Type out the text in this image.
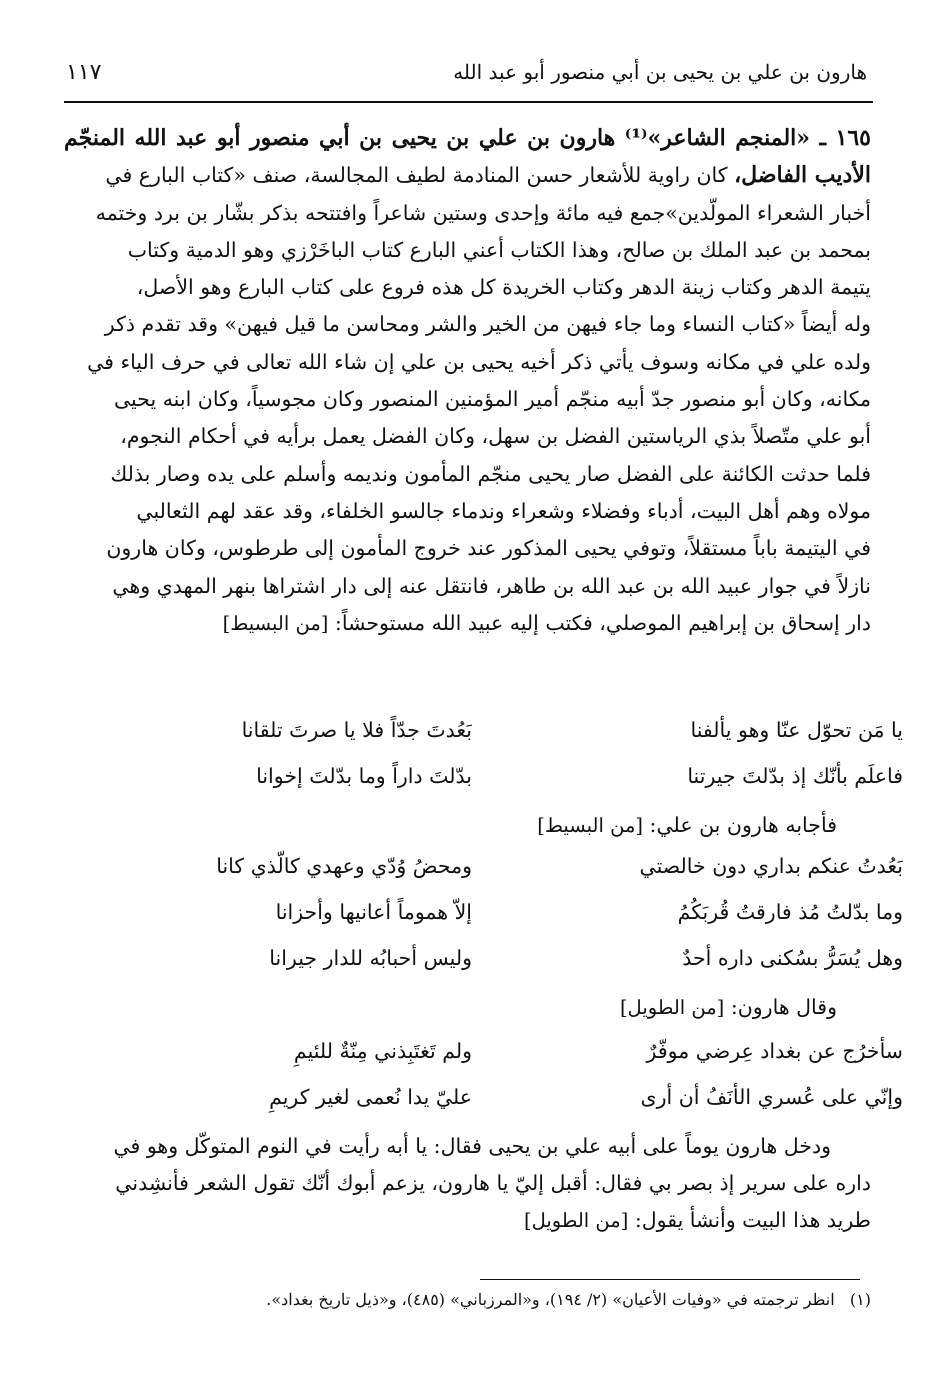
هارون بن علي بن يحيى بن أبي منصور أبو عبد الله
١١٧

١٦٥ ـ «المنجم الشاعر»⁽¹⁾ هارون بن علي بن يحيى بن أبي منصور أبو عبد الله المنجّم الأديب الفاضل، كان راوية للأشعار حسن المنادمة لطيف المجالسة، صنف «كتاب البارع في

أخبار الشعراء المولّدين»جمع فيه مائة وإحدى وستين شاعراً وافتتحه بذكر بشّار بن برد وختمه

بمحمد بن عبد الملك بن صالح، وهذا الكتاب أعني البارع كتاب الباخَرْزي وهو الدمية وكتاب

يتيمة الدهر وكتاب زينة الدهر وكتاب الخريدة كل هذه فروع على كتاب البارع وهو الأصل،

وله أيضاً «كتاب النساء وما جاء فيهن من الخير والشر ومحاسن ما قيل فيهن» وقد تقدم ذكر

ولده علي في مكانه وسوف يأتي ذكر أخيه يحيى بن علي إن شاء الله تعالى في حرف الياء في

مكانه، وكان أبو منصور جدّ أبيه منجّم أمير المؤمنين المنصور وكان مجوسياً، وكان ابنه يحيى

أبو علي متّصلاً بذي الرياستين الفضل بن سهل، وكان الفضل يعمل برأيه في أحكام النجوم،

فلما حدثت الكائنة على الفضل صار يحيى منجّم المأمون ونديمه وأسلم على يده وصار بذلك

مولاه وهم أهل البيت، أدباء وفضلاء وشعراء وندماء جالسو الخلفاء، وقد عقد لهم الثعالبي

في اليتيمة باباً مستقلاً، وتوفي يحيى المذكور عند خروج المأمون إلى طرطوس، وكان هارون

نازلاً في جوار عبيد الله بن عبد الله بن طاهر، فانتقل عنه إلى دار اشتراها بنهر المهدي وهي

دار إسحاق بن إبراهيم الموصلي، فكتب إليه عبيد الله مستوحشاً: [من البسيط]

يا مَن تحوّل عنّا وهو يألفنا
بَعُدتَ جدّاً فلا يا صرتَ تلقانا
فاعلَم بأنّك إذ بدّلتَ جيرتنا
بدّلتَ داراً وما بدّلتَ إخوانا
فأجابه هارون بن علي: [من البسيط]
بَعُدتُ عنكم بداري دون خالصتي
ومحضُ وُدّي وعهدي كالّذي كانا
وما بدّلتُ مُذ فارقتُ قُربَكُمُ
إلاّ هموماً أعانيها وأحزانا
وهل يُسَرُّ بسُكنى داره أحدٌ
وليس أحبابُه للدار جيرانا
وقال هارون: [من الطويل]
سأخرُج عن بغداد عِرضي موفّرٌ
ولم تَغتَبِذني مِنّةٌ للئيمِ
وإنّي على عُسري الأنَفُ أن أرى
عليّ يدا نُعمى لغير كريمِ

ودخل هارون يوماً على أبيه علي بن يحيى فقال: يا أبه رأيت في النوم المتوكّل وهو في

داره على سرير إذ بصر بي فقال: أقبل إليّ يا هارون، يزعم أبوك أنّك تقول الشعر فأنشِدني

طريد هذا البيت وأنشأ يقول: [من الطويل]

(١)   انظر ترجمته في «وفيات الأعيان» (٢/ ١٩٤)، و«المرزباني» (٤٨٥)، و«ذيل تاريخ بغداد».
